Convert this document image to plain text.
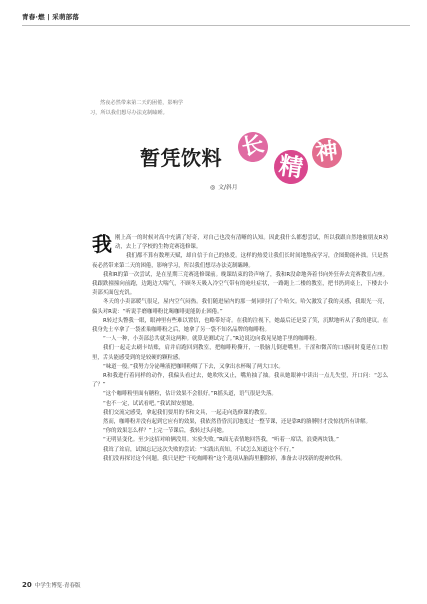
青春·燃 | 采萌部落

然夜必然带来第二天的困倦，影响学

习，所以我们想尽办法克制瞌睡。

暂凭饮料 长
精 神
◎ 文/斜月

我刚上高一的时候对高中充满了好奇，对自己也没有清晰的认知。因此我什么都想尝试，所以我跟自然地被朋友R劝动，去上了学校的生物竞赛选修课。

我们都不算有数理天赋，却自信于自己的热爱。这样的热爱让我们长时间地熬夜学习，企图勤能补拙。只是熬夜必然带来第二天的困倦，影响学习，所以我们想尽办法克制瞌睡。

我和R的第一次尝试，是在星期三竞赛选修课前。晚课结束的铃声响了，我和R没命地奔着书向外狂奔去竞赛教室占座。我跟跌撞撞向前跑，边跑边大喘气，不顾冬天吸入冷空气带有的呛吐症状，一路跑上二楼的教室，把书扔到桌上，下楼去小卖部买面包充饥。

冬天的小卖部暖气很足，屋内空气闷热。我们随进屋内的那一刻同时打了个哈欠。哈欠激发了我的灵感，我眼光一亮，偏头对R说：“听说手磨咖啡粉比喝咖啡更能防止困倦。”

R转过头瞥我一眼，眼神里有些难以置信，也略带好奇。在我的注视下，她最后还是妥了笑，沉默地听从了我的建议。在我身先士卒拿了一袋雀巢咖啡粉之后，她拿了另一袋不知名品牌的咖啡粉。

“一人一种，小卖部总共就卖这两种。就算是测试完了。”R边说边向我晃晃她手里的咖啡粉。

我们一起走去刷卡结账，肩并肩跑回到教室，把咖啡粉撕开，一股脑儿倒进嘴里。干涩和微苦的口感同时蔓延在口腔里，舌头能感受到的是较硬的颗粒感。

“味道一般。”我努力分泌唾液把咖啡粉咽了下去，又拿出水杯喝了两大口水。

R和我进行着同样的动作，我偏头看过去，她吹吹又止，嘴角抽了抽。我从她眼神中读出一点儿失望，开口问：“怎么了？”

“这个咖啡粉里面有糖粒，估计效果不会很好。”R摇头道，语气很是失落。

“也不一定，试试看吧。”我试图安慰她。

我们交流完感受，拿起我们要用的书和文具，一起走向选修课的教室。

然而，咖啡粉并没有起到它应有的效果，我依然昏昏沉沉地度过一整节课，还是靠R的胳膊肘才没惊扰所有讲解。

“你的效果怎么样？”上完一节课后，我转过头问她。

“无明显变化。至少这招对咱俩没用。实验失败。”R面无表情地回答我，“听着一席话，浪费两块钱。”

我耸了耸肩，试图忘记这次失败的尝试：“实践出真知。不试怎么知道这个不行。”

我们没再探讨这个问题。我只是把“干吃咖啡粉”这个选项从脑海里删除掉，准备去寻找新的提神饮料。

20 中学生博览·青春版
